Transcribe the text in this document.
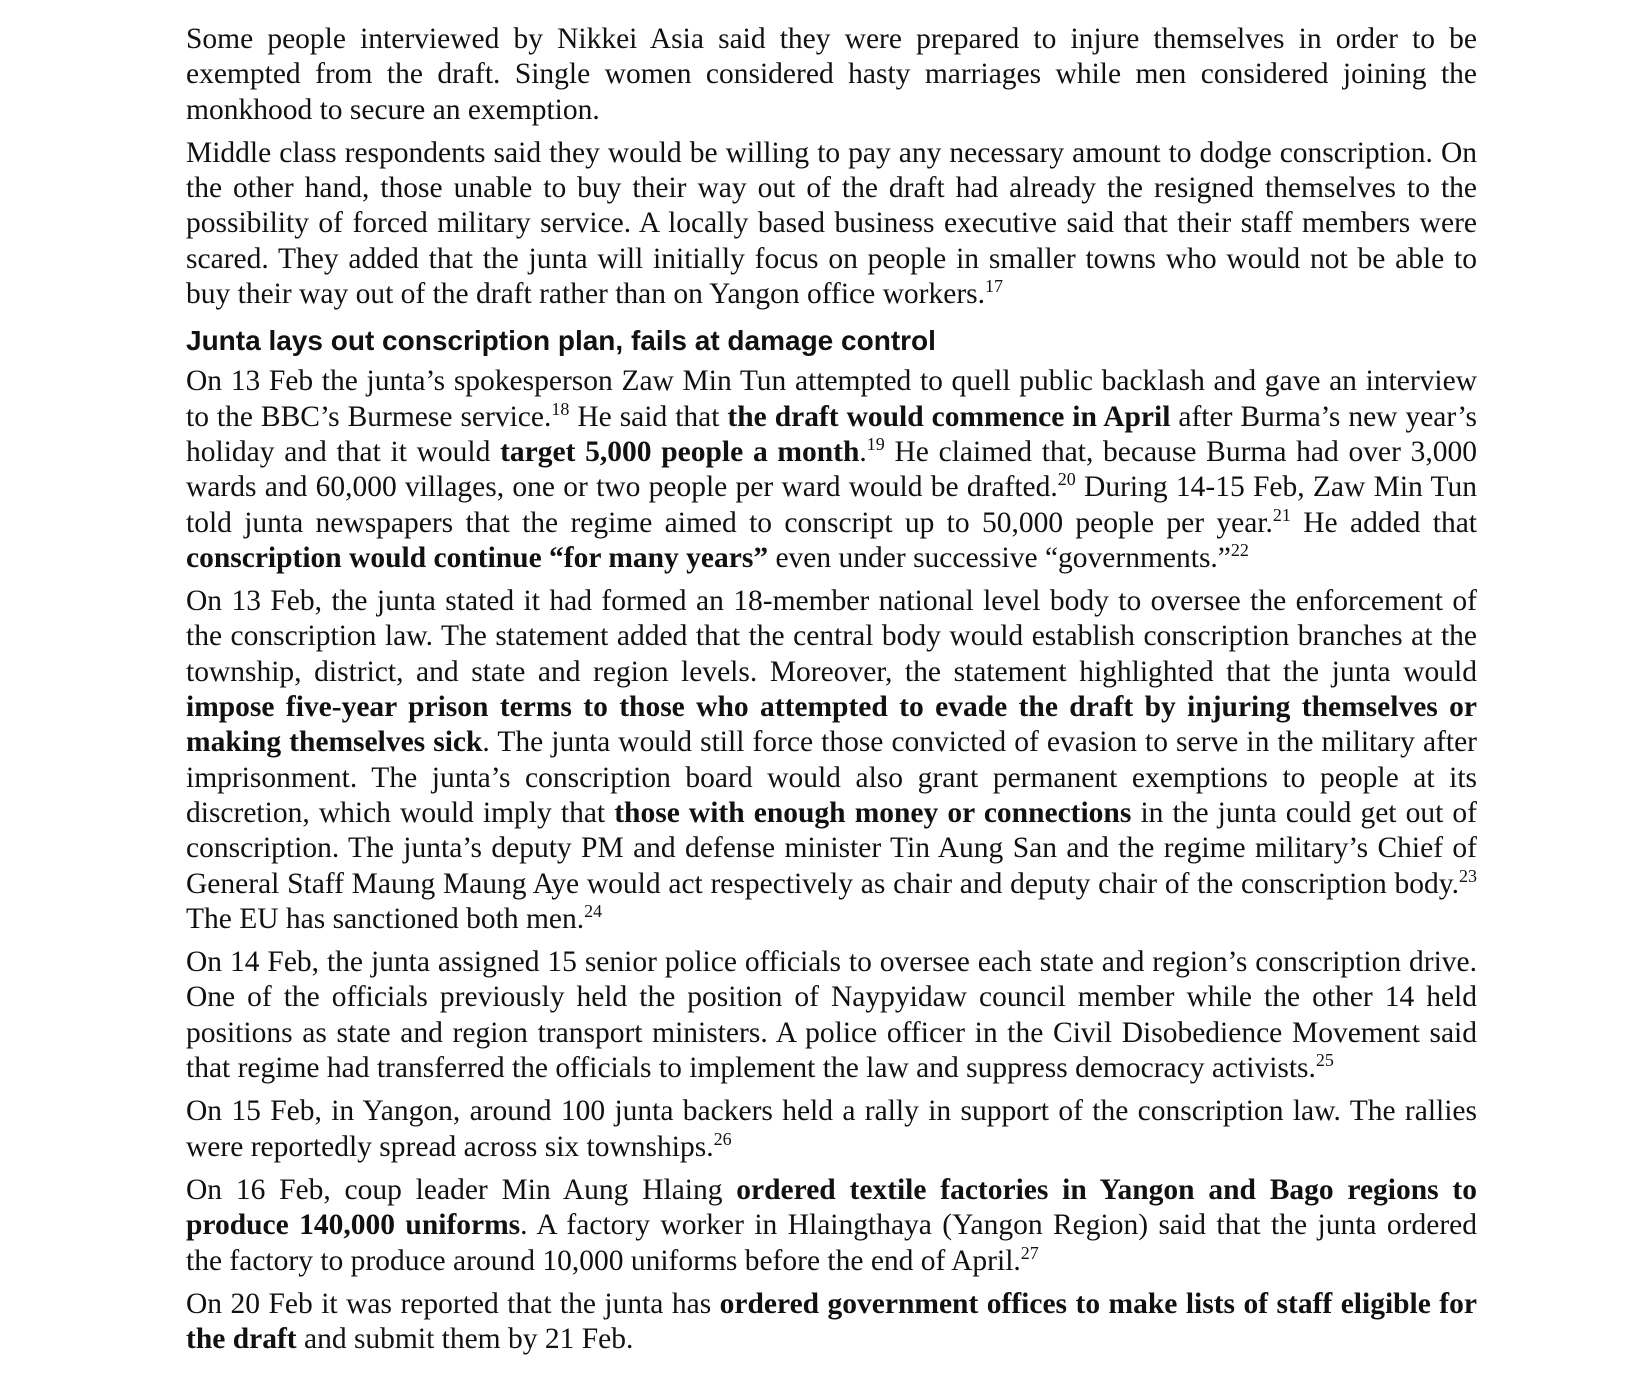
Some people interviewed by Nikkei Asia said they were prepared to injure themselves in order to be exempted from the draft. Single women considered hasty marriages while men considered joining the monkhood to secure an exemption.

Middle class respondents said they would be willing to pay any necessary amount to dodge conscription. On the other hand, those unable to buy their way out of the draft had already the resigned themselves to the possibility of forced military service. A locally based business executive said that their staff members were scared. They added that the junta will initially focus on people in smaller towns who would not be able to buy their way out of the draft rather than on Yangon office workers.$^{17}$

Junta lays out conscription plan, fails at damage control

On 13 Feb the junta’s spokesperson Zaw Min Tun attempted to quell public backlash and gave an interview to the BBC’s Burmese service.$^{18}$ He said that the draft would commence in April after Burma’s new year’s holiday and that it would target 5,000 people a month.$^{19}$ He claimed that, because Burma had over 3,000 wards and 60,000 villages, one or two people per ward would be drafted.$^{20}$ During 14-15 Feb, Zaw Min Tun told junta newspapers that the regime aimed to conscript up to 50,000 people per year.$^{21}$ He added that conscription would continue “for many years” even under successive “governments.”$^{22}$

On 13 Feb, the junta stated it had formed an 18-member national level body to oversee the enforcement of the conscription law. The statement added that the central body would establish conscription branches at the township, district, and state and region levels. Moreover, the statement highlighted that the junta would impose five-year prison terms to those who attempted to evade the draft by injuring themselves or making themselves sick. The junta would still force those convicted of evasion to serve in the military after imprisonment. The junta’s conscription board would also grant permanent exemptions to people at its discretion, which would imply that those with enough money or connections in the junta could get out of conscription. The junta’s deputy PM and defense minister Tin Aung San and the regime military’s Chief of General Staff Maung Maung Aye would act respectively as chair and deputy chair of the conscription body.$^{23}$ The EU has sanctioned both men.$^{24}$

On 14 Feb, the junta assigned 15 senior police officials to oversee each state and region’s conscription drive. One of the officials previously held the position of Naypyidaw council member while the other 14 held positions as state and region transport ministers. A police officer in the Civil Disobedience Movement said that regime had transferred the officials to implement the law and suppress democracy activists.$^{25}$

On 15 Feb, in Yangon, around 100 junta backers held a rally in support of the conscription law. The rallies were reportedly spread across six townships.$^{26}$

On 16 Feb, coup leader Min Aung Hlaing ordered textile factories in Yangon and Bago regions to produce 140,000 uniforms. A factory worker in Hlaingthaya (Yangon Region) said that the junta ordered the factory to produce around 10,000 uniforms before the end of April.$^{27}$

On 20 Feb it was reported that the junta has ordered government offices to make lists of staff eligible for the draft and submit them by 21 Feb.
